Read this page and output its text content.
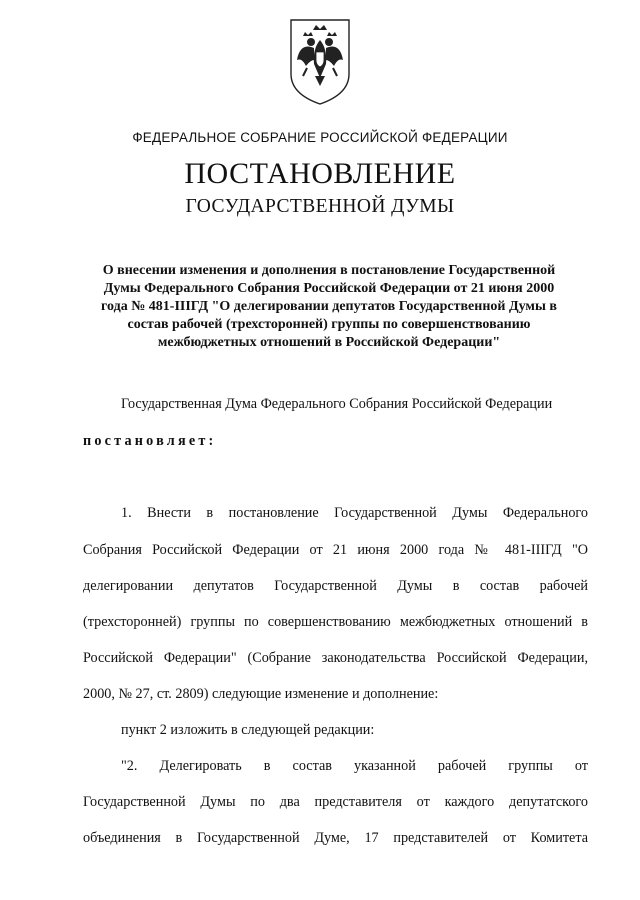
ФЕДЕРАЛЬНОЕ СОБРАНИЕ РОССИЙСКОЙ ФЕДЕРАЦИИ
ПОСТАНОВЛЕНИЕ
ГОСУДАРСТВЕННОЙ ДУМЫ
О внесении изменения и дополнения в постановление Государственной
Думы Федерального Собрания Российской Федерации от 21 июня 2000
года № 481-IIIГД "О делегировании депутатов Государственной Думы в
состав рабочей (трехсторонней) группы по совершенствованию
межбюджетных отношений в Российской Федерации"
Государственная Дума Федерального Собрания Российской Федерации
постановляет:
1. Внести в постановление Государственной Думы Федерального
Собрания Российской Федерации от 21 июня 2000 года № 481-IIIГД "О
делегировании депутатов Государственной Думы в состав рабочей
(трехсторонней) группы по совершенствованию межбюджетных отношений в
Российской Федерации" (Собрание законодательства Российской Федерации,
2000, № 27, ст. 2809) следующие изменение и дополнение:
пункт 2 изложить в следующей редакции:
"2. Делегировать в состав указанной рабочей группы от
Государственной Думы по два представителя от каждого депутатского
объединения в Государственной Думе, 17 представителей от Комитета
